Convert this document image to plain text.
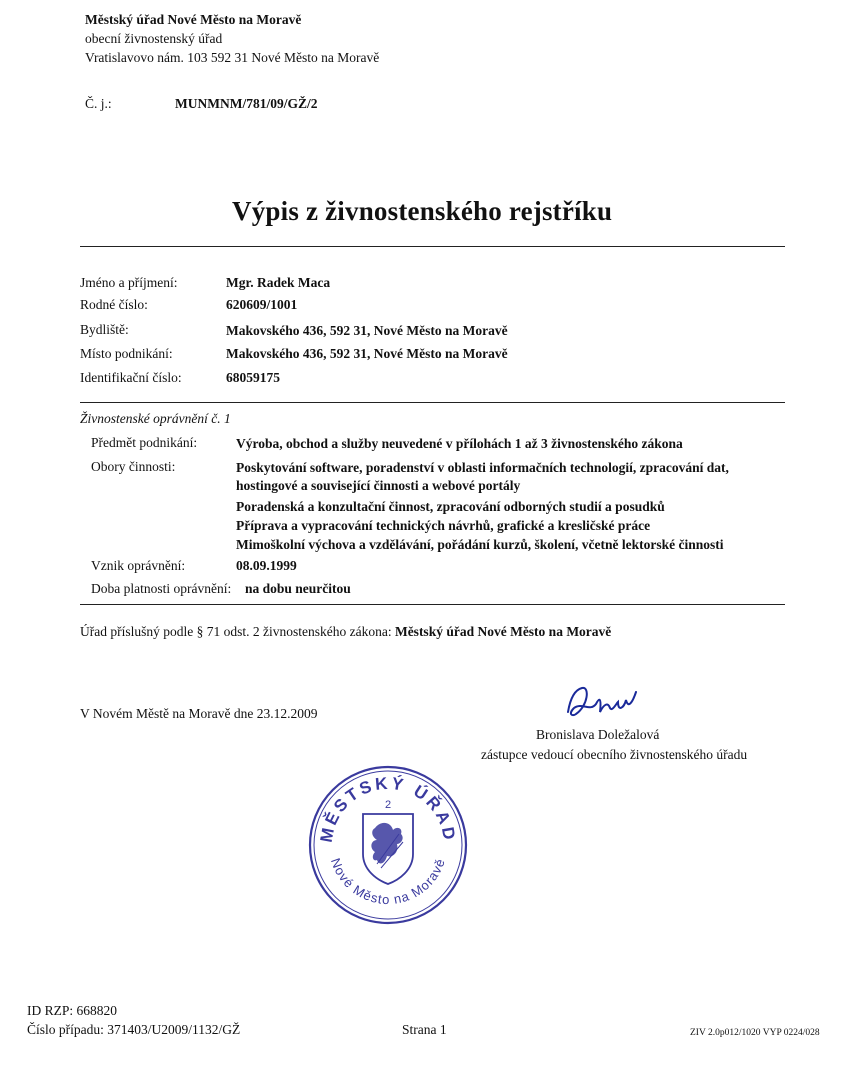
Městský úřad Nové Město na Moravě
obecní živnostenský úřad
Vratislavovo nám. 103 592 31 Nové Město na Moravě
Č. j.:	MUNMNM/781/09/GŽ/2
Výpis z živnostenského rejstříku
Jméno a příjmení:	Mgr. Radek Maca
Rodné číslo:	620609/1001
Bydliště:	Makovského 436, 592 31, Nové Město na Moravě
Místo podnikání:	Makovského 436, 592 31, Nové Město na Moravě
Identifikační číslo:	68059175
Živnostenské oprávnění č. 1
Předmět podnikání:	Výroba, obchod a služby neuvedené v přílohách 1 až 3 živnostenského zákona
Obory činnosti:	Poskytování software, poradenství v oblasti informačních technologií, zpracování dat,
hostingové a související činnosti a webové portály
Poradenská a konzultační činnost, zpracování odborných studií a posudků
Příprava a vypracování technických návrhů, grafické a kresličské práce
Mimoškolní výchova a vzdělávání, pořádání kurzů, školení, včetně lektorské činnosti
Vznik oprávnění:	08.09.1999
Doba platnosti oprávnění: na dobu neurčitou
Úřad příslušný podle § 71 odst. 2 živnostenského zákona: Městský úřad Nové Město na Moravě
V Novém Městě na Moravě dne 23.12.2009
Bronislava Doležalová
zástupce vedoucí obecního živnostenského úřadu
MĚSTSKÝ ÚŘAD
Nové Město na Moravě
2
ID RZP: 668820
Číslo případu: 371403/U2009/1132/GŽ	Strana 1	ZIV 2.0p012/1020 VYP 0224/028
